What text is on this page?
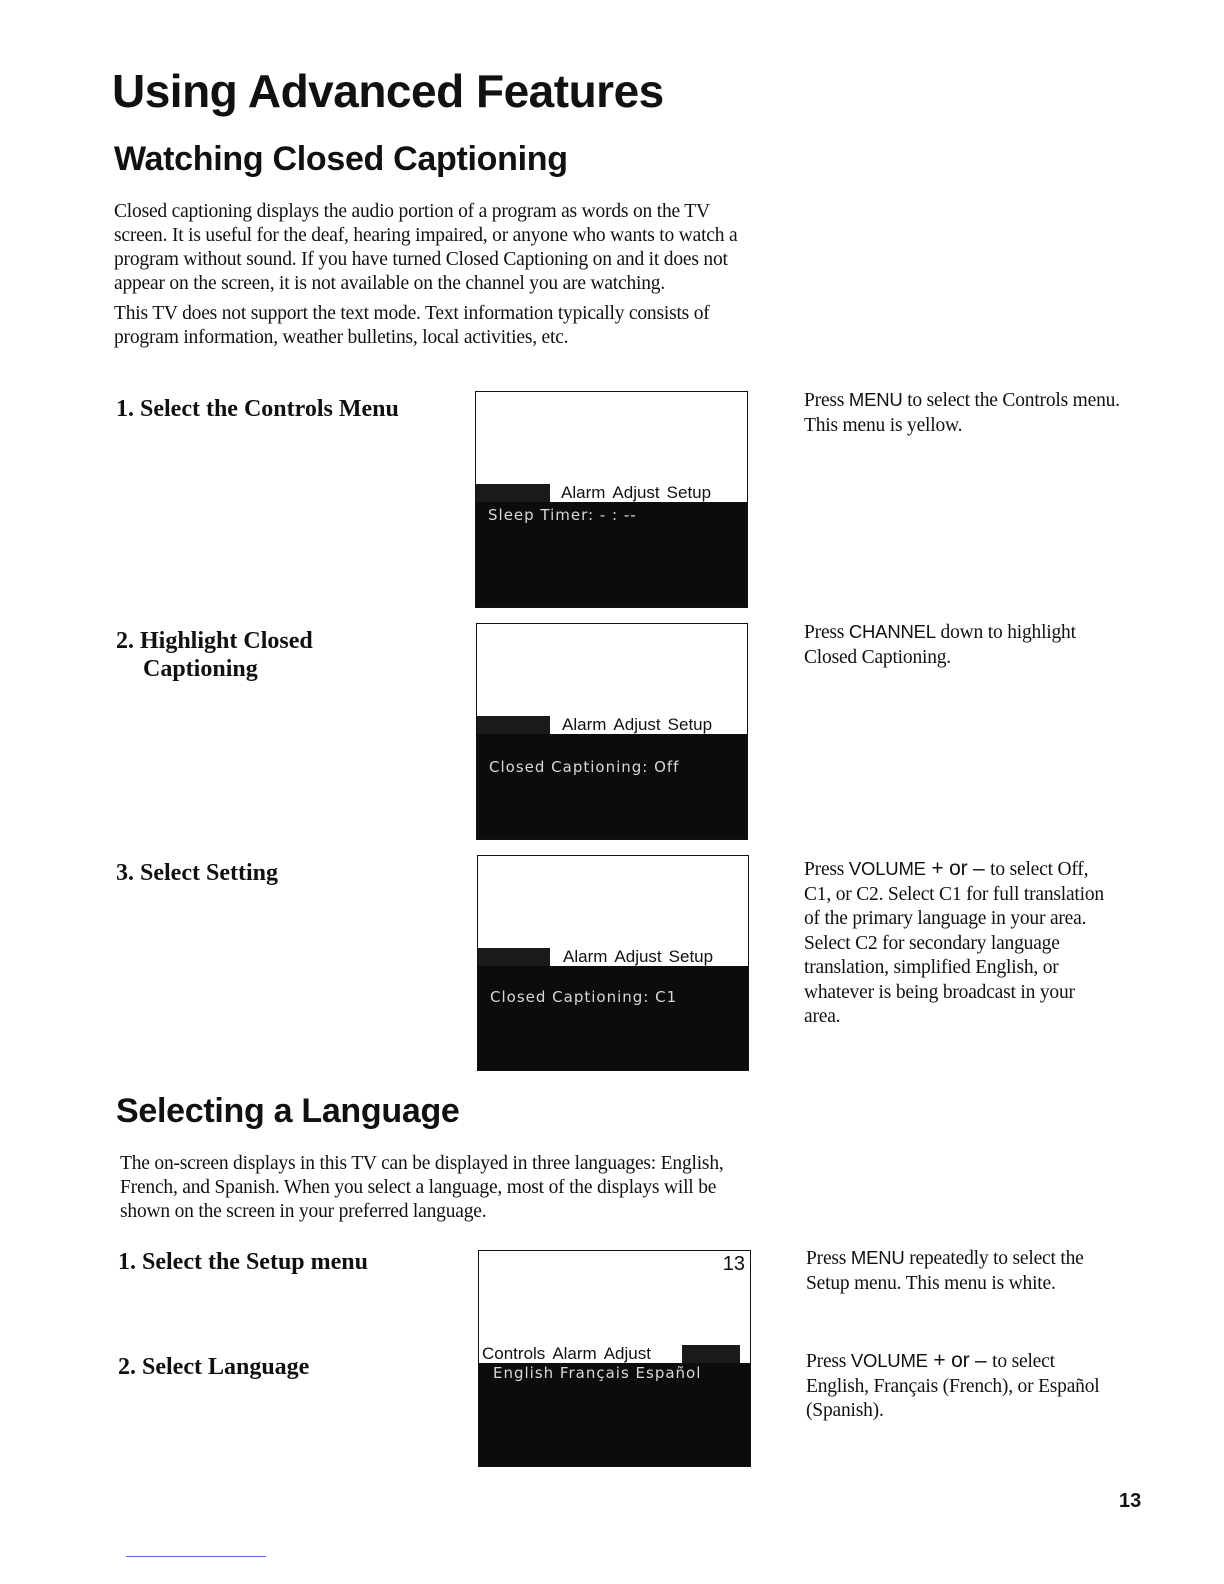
Using Advanced Features
Watching Closed Captioning

Closed captioning displays the audio portion of a program as words on the TV screen. It is useful for the deaf, hearing impaired, or anyone who wants to watch a program without sound. If you have turned Closed Captioning on and it does not appear on the screen, it is not available on the channel you are watching.

This TV does not support the text mode. Text information typically consists of program information, weather bulletins, local activities, etc.

1. Select the Controls Menu
Alarm Adjust Setup
Sleep Timer: - : --
Press MENU to select the Controls menu. This menu is yellow.
2. Highlight Closed
Captioning
Alarm Adjust Setup
Closed Captioning: Off
Press CHANNEL down to highlight Closed Captioning.
3. Select Setting
Alarm Adjust Setup
Closed Captioning: C1
Press VOLUME + or – to select Off, C1, or C2. Select C1 for full translation of the primary language in your area. Select C2 for secondary language translation, simplified English, or whatever is being broadcast in your area.
Selecting a Language

The on-screen displays in this TV can be displayed in three languages: English, French, and Spanish. When you select a language, most of the displays will be shown on the screen in your preferred language.

1. Select the Setup menu
2. Select Language
13
Controls Alarm Adjust
English Français Español
Press MENU repeatedly to select the Setup menu. This menu is white.
Press VOLUME + or – to select English, Français (French), or Español (Spanish).
13
